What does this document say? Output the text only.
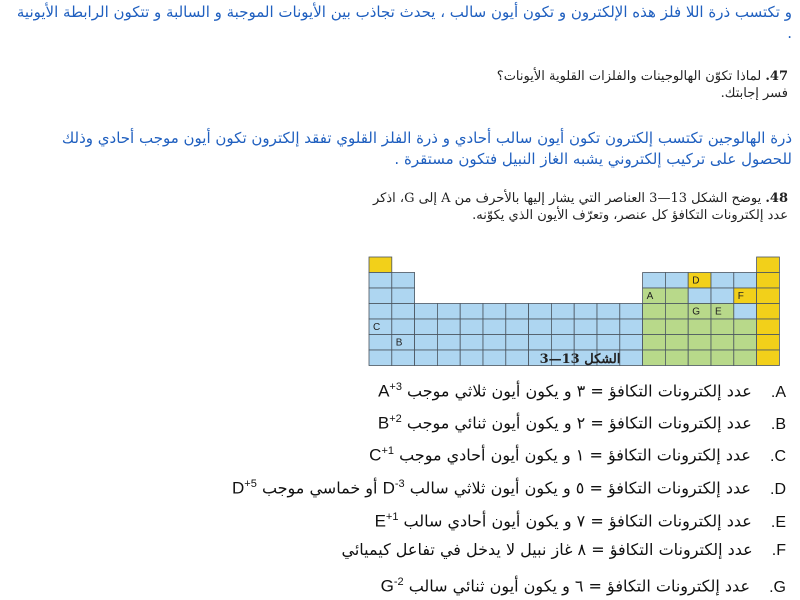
و تكتسب ذرة اللا فلز هذه الإلكترون و تكون أيون سالب ، يحدث تجاذب بين الأيونات الموجبة و السالبة و تتكون الرابطة الأيونية .

47. لماذا تكوّن الهالوجينات والفلزات القلوية الأيونات؟ فسر إجابتك.

ذرة الهالوجين تكتسب إلكترون تكون أيون سالب أحادي و ذرة الفلز القلوي تفقد إلكترون تكون أيون موجب أحادي وذلك للحصول على تركيب إلكتروني يشبه الغاز النبيل فتكون مستقرة .

48. يوضح الشكل 13—3 العناصر التي يشار إليها بالأحرف من A إلى G، اذكر عدد إلكترونات التكافؤ كل عنصر، وتعرّف الأيون الذي يكوّنه.
D
A	F
G E
C
B
الشكل 13—3
A. عدد إلكترونات التكافؤ = ٣ و يكون أيون ثلاثي موجب $A^{+3}$
B. عدد إلكترونات التكافؤ = ٢ و يكون أيون ثنائي موجب $B^{+2}$
C. عدد إلكترونات التكافؤ = ١ و يكون أيون أحادي موجب $C^{+1}$
D. عدد إلكترونات التكافؤ = ٥ و يكون أيون ثلاثي سالب $D^{-3}$ أو خماسي موجب $D^{+5}$
E. عدد إلكترونات التكافؤ = ٧ و يكون أيون أحادي سالب $E^{+1}$
F. عدد إلكترونات التكافؤ = ٨ غاز نبيل لا يدخل في تفاعل كيميائي
G. عدد إلكترونات التكافؤ = ٦ و يكون أيون ثنائي سالب $G^{-2}$
